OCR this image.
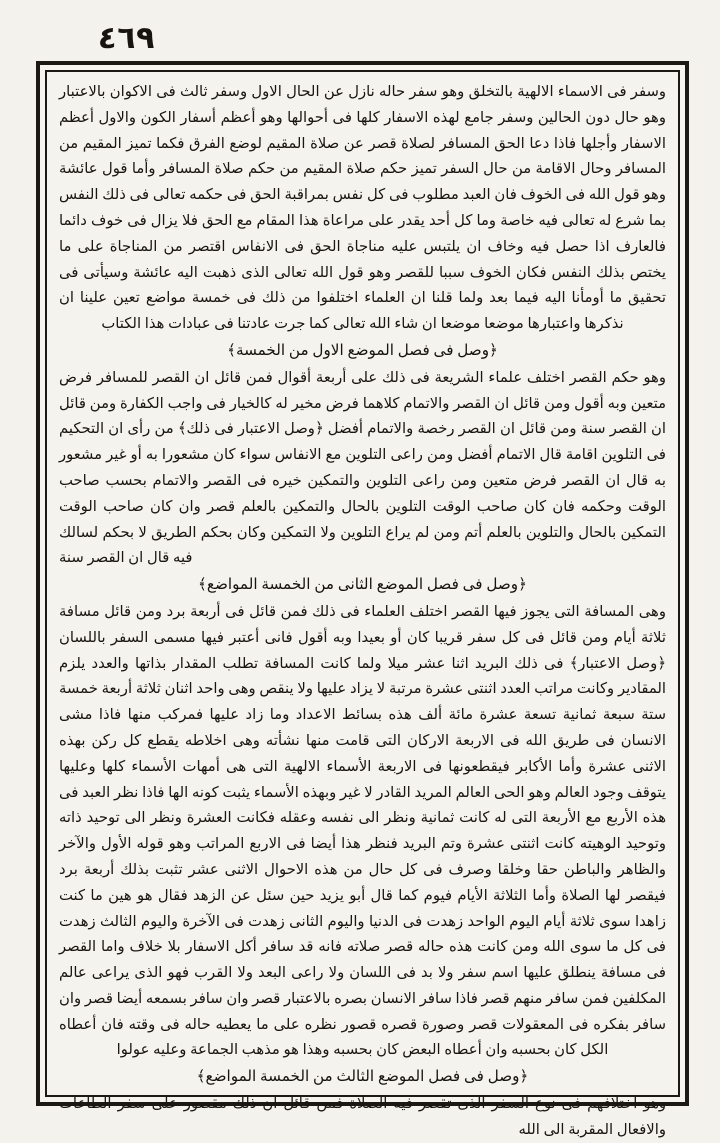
٤٦٩

وسفر فى الاسماء الالهية بالتخلق وهو سفر حاله نازل عن الحال الاول وسفر ثالث فى الاكوان بالاعتبار وهو حال دون الحالين وسفر جامع لهذه الاسفار كلها فى أحوالها وهو أعظم أسفار الكون والاول أعظم الاسفار وأجلها فاذا دعا الحق المسافر لصلاة قصر عن صلاة المقيم لوضع الفرق فكما تميز المقيم من المسافر وحال الاقامة من حال السفر تميز حكم صلاة المقيم من حكم صلاة المسافر وأما قول عائشة وهو قول الله فى الخوف فان العبد مطلوب فى كل نفس بمراقبة الحق فى حكمه تعالى فى ذلك النفس بما شرع له تعالى فيه خاصة وما كل أحد يقدر على مراعاة هذا المقام مع الحق فلا يزال فى خوف دائما فالعارف اذا حصل فيه وخاف ان يلتبس عليه مناجاة الحق فى الانفاس اقتصر من المناجاة على ما يختص بذلك النفس فكان الخوف سببا للقصر وهو قول الله تعالى الذى ذهبت اليه عائشة وسيأتى فى تحقيق ما أومأنا اليه فيما بعد ولما قلنا ان العلماء اختلفوا من ذلك فى خمسة مواضع تعين علينا ان نذكرها واعتبارها موضعا موضعا ان شاء الله تعالى كما جرت عادتنا فى عبادات هذا الكتاب

﴿وصل فى فصل الموضع الاول من الخمسة﴾

وهو حكم القصر اختلف علماء الشريعة فى ذلك على أربعة أقوال فمن قائل ان القصر للمسافر فرض متعين وبه أقول ومن قائل ان القصر والاتمام كلاهما فرض مخير له كالخيار فى واجب الكفارة ومن قائل ان القصر سنة ومن قائل ان القصر رخصة والاتمام أفضل ﴿وصل الاعتبار فى ذلك﴾ من رأى ان التحكيم فى التلوين اقامة قال الاتمام أفضل ومن راعى التلوين مع الانفاس سواء كان مشعورا به أو غير مشعور به قال ان القصر فرض متعين ومن راعى التلوين والتمكين خيره فى القصر والاتمام بحسب صاحب الوقت وحكمه فان كان صاحب الوقت التلوين بالحال والتمكين بالعلم قصر وان كان صاحب الوقت التمكين بالحال والتلوين بالعلم أتم ومن لم يراع التلوين ولا التمكين وكان بحكم الطريق لا بحكم لسالك فيه قال ان القصر سنة

﴿وصل فى فصل الموضع الثانى من الخمسة المواضع﴾

وهى المسافة التى يجوز فيها القصر اختلف العلماء فى ذلك فمن قائل فى أربعة برد ومن قائل مسافة ثلاثة أيام ومن قائل فى كل سفر قريبا كان أو بعيدا وبه أقول فانى أعتبر فيها مسمى السفر باللسان ﴿وصل الاعتبار﴾ فى ذلك البريد اثنا عشر ميلا ولما كانت المسافة تطلب المقدار بذاتها والعدد يلزم المقادير وكانت مراتب العدد اثنتى عشرة مرتبة لا يزاد عليها ولا ينقص وهى واحد اثنان ثلاثة أربعة خمسة ستة سبعة ثمانية تسعة عشرة مائة ألف هذه بسائط الاعداد وما زاد عليها فمركب منها فاذا مشى الانسان فى طريق الله فى الاربعة الاركان التى قامت منها نشأته وهى اخلاطه يقطع كل ركن بهذه الاثنى عشرة وأما الأكابر فيقطعونها فى الاربعة الأسماء الالهية التى هى أمهات الأسماء كلها وعليها يتوقف وجود العالم وهو الحى العالم المريد القادر لا غير وبهذه الأسماء يثبت كونه الها فاذا نظر العبد فى هذه الأربع مع الأربعة التى له كانت ثمانية ونظر الى نفسه وعقله فكانت العشرة ونظر الى توحيد ذاته وتوحيد الوهيته كانت اثنتى عشرة وتم البريد فنظر هذا أيضا فى الاربع المراتب وهو قوله الأول والآخر والظاهر والباطن حقا وخلقا وصرف فى كل حال من هذه الاحوال الاثنى عشر تثبت بذلك أربعة برد فيقصر لها الصلاة وأما الثلاثة الأيام فيوم كما قال أبو يزيد حين سئل عن الزهد فقال هو هين ما كنت زاهدا سوى ثلاثة أيام اليوم الواحد زهدت فى الدنيا واليوم الثانى زهدت فى الآخرة واليوم الثالث زهدت فى كل ما سوى الله ومن كانت هذه حاله قصر صلاته فانه قد سافر أكل الاسفار بلا خلاف واما القصر فى مسافة ينطلق عليها اسم سفر ولا بد فى اللسان ولا راعى البعد ولا القرب فهو الذى يراعى عالم المكلفين فمن سافر منهم قصر فاذا سافر الانسان بصره بالاعتبار قصر وان سافر بسمعه أيضا قصر وان سافر بفكره فى المعقولات قصر وصورة قصره قصور نظره على ما يعطيه حاله فى وقته فان أعطاه الكل كان بحسبه وان أعطاه البعض كان بحسبه وهذا هو مذهب الجماعة وعليه عولوا

﴿وصل فى فصل الموضع الثالث من الخمسة المواضع﴾

وهو اختلافهم فى نوع السفر الذى تقصر فيه الصلاة فمن قائل ان ذلك مقصور على سفر الطاعات والافعال المقربة الى الله
